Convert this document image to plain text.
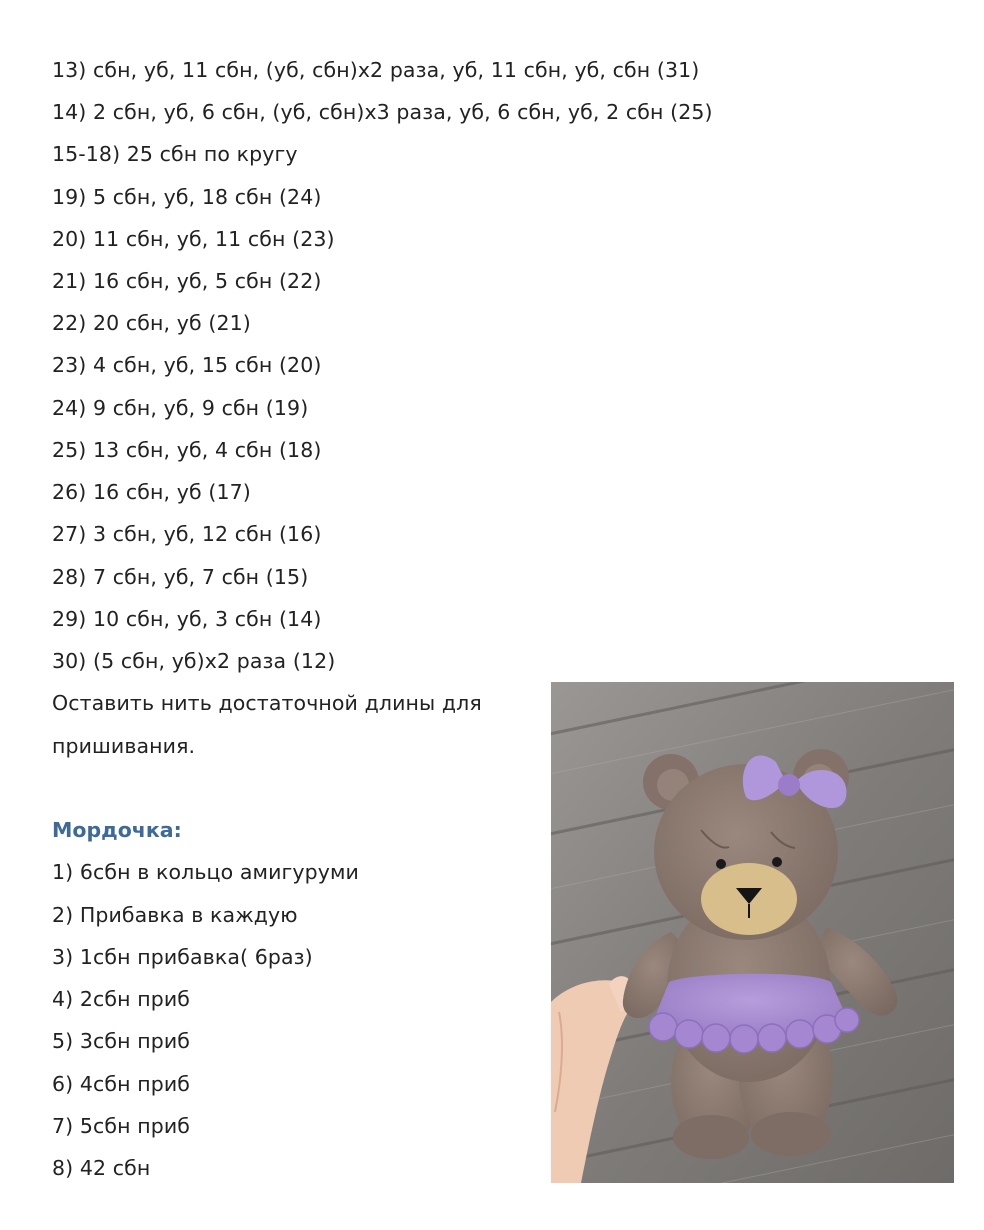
13) сбн, уб, 11 сбн, (уб, сбн)х2 раза, уб, 11 сбн, уб, сбн (31)
14) 2 сбн, уб, 6 сбн, (уб, сбн)х3 раза, уб, 6 сбн, уб, 2 сбн (25)
15-18) 25 сбн по кругу
19) 5 сбн, уб, 18 сбн (24)
20) 11 сбн, уб, 11 сбн (23)
21) 16 сбн, уб, 5 сбн (22)
22) 20 сбн, уб (21)
23) 4 сбн, уб, 15 сбн (20)
24) 9 сбн, уб, 9 сбн (19)
25) 13 сбн, уб, 4 сбн (18)
26) 16 сбн, уб (17)
27) 3 сбн, уб, 12 сбн (16)
28) 7 сбн, уб, 7 сбн (15)
29) 10 сбн, уб, 3 сбн (14)
30) (5 сбн, уб)х2 раза (12)
Оставить нить достаточной длины для
пришивания.
Мордочка:
1) 6сбн в кольцо амигуруми
2) Прибавка в каждую
3) 1сбн прибавка( 6раз)
4) 2сбн приб
5) 3сбн приб
6) 4сбн приб
7) 5сбн приб
8) 42 сбн
